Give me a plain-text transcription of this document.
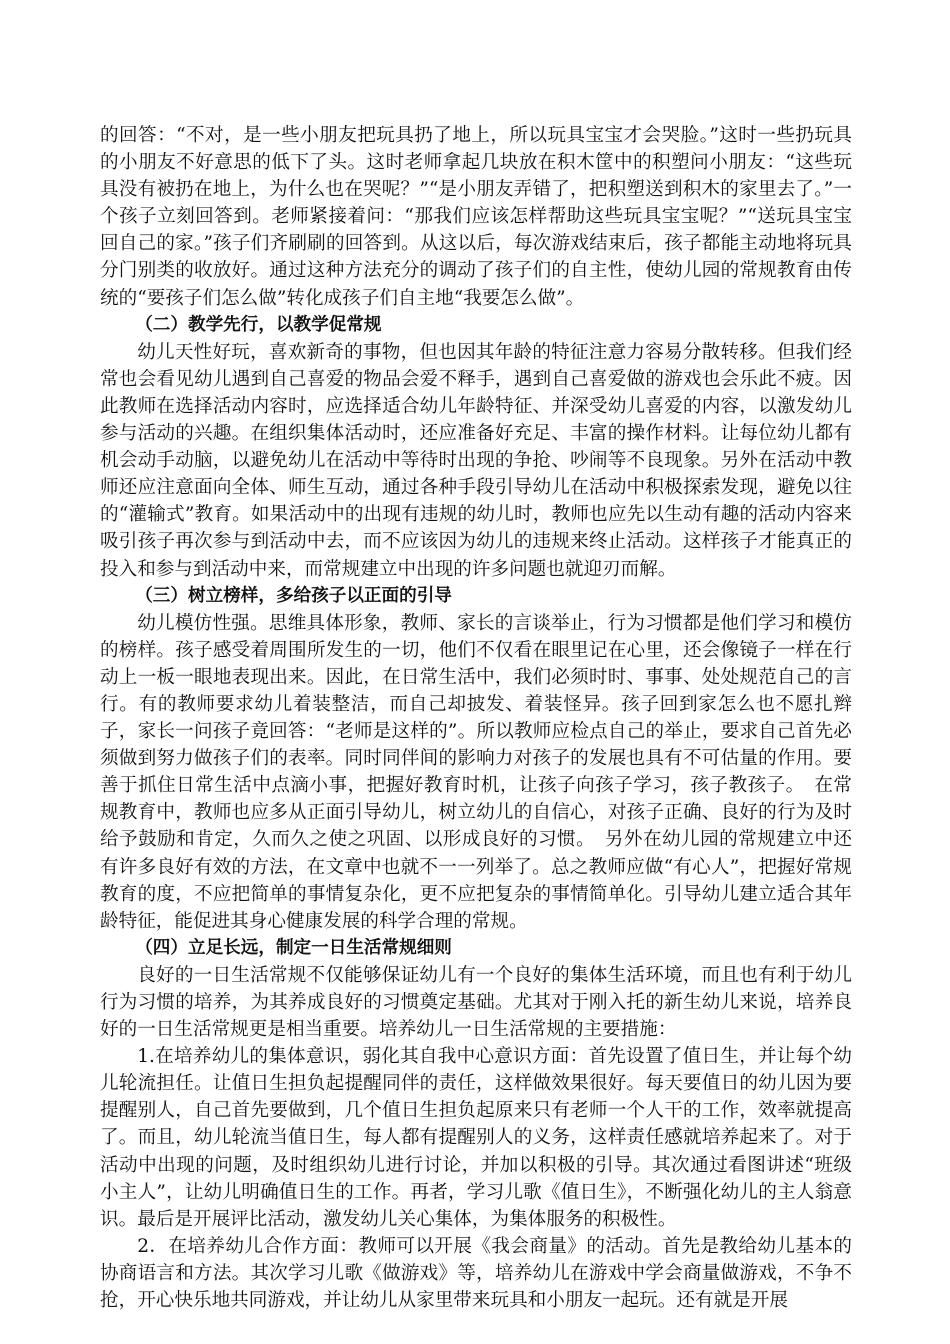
的回答：“不对，是一些小朋友把玩具扔了地上，所以玩具宝宝才会哭脸。”这时一些扔玩具的小朋友不好意思的低下了头。这时老师拿起几块放在积木筐中的积塑问小朋友：“这些玩具没有被扔在地上，为什么也在哭呢？”“是小朋友弄错了，把积塑送到积木的家里去了。”一个孩子立刻回答到。老师紧接着问：“那我们应该怎样帮助这些玩具宝宝呢？”“送玩具宝宝回自己的家。”孩子们齐刷刷的回答到。从这以后，每次游戏结束后，孩子都能主动地将玩具分门别类的收放好。通过这种方法充分的调动了孩子们的自主性，使幼儿园的常规教育由传统的“要孩子们怎么做”转化成孩子们自主地“我要怎么做”。

（二）教学先行，以教学促常规

幼儿天性好玩，喜欢新奇的事物，但也因其年龄的特征注意力容易分散转移。但我们经常也会看见幼儿遇到自己喜爱的物品会爱不释手，遇到自己喜爱做的游戏也会乐此不疲。因此教师在选择活动内容时，应选择适合幼儿年龄特征、并深受幼儿喜爱的内容，以激发幼儿参与活动的兴趣。在组织集体活动时，还应准备好充足、丰富的操作材料。让每位幼儿都有机会动手动脑，以避免幼儿在活动中等待时出现的争抢、吵闹等不良现象。另外在活动中教师还应注意面向全体、师生互动，通过各种手段引导幼儿在活动中积极探索发现，避免以往的“灌输式”教育。如果活动中的出现有违规的幼儿时，教师也应先以生动有趣的活动内容来吸引孩子再次参与到活动中去，而不应该因为幼儿的违规来终止活动。这样孩子才能真正的投入和参与到活动中来，而常规建立中出现的许多问题也就迎刃而解。

（三）树立榜样，多给孩子以正面的引导

幼儿模仿性强。思维具体形象，教师、家长的言谈举止，行为习惯都是他们学习和模仿的榜样。孩子感受着周围所发生的一切，他们不仅看在眼里记在心里，还会像镜子一样在行动上一板一眼地表现出来。因此，在日常生活中，我们必须时时、事事、处处规范自己的言行。有的教师要求幼儿着装整洁，而自己却披发、着装怪异。孩子回到家怎么也不愿扎辫子，家长一问孩子竟回答：“老师是这样的”。所以教师应检点自己的举止，要求自己首先必须做到努力做孩子们的表率。同时同伴间的影响力对孩子的发展也具有不可估量的作用。要善于抓住日常生活中点滴小事，把握好教育时机，让孩子向孩子学习，孩子教孩子。　在常规教育中，教师也应多从正面引导幼儿，树立幼儿的自信心，对孩子正确、良好的行为及时给予鼓励和肯定，久而久之使之巩固、以形成良好的习惯。　另外在幼儿园的常规建立中还有许多良好有效的方法，在文章中也就不一一列举了。总之教师应做“有心人”，把握好常规教育的度，不应把简单的事情复杂化，更不应把复杂的事情简单化。引导幼儿建立适合其年龄特征，能促进其身心健康发展的科学合理的常规。

（四）立足长远，制定一日生活常规细则

良好的一日生活常规不仅能够保证幼儿有一个良好的集体生活环境，而且也有利于幼儿行为习惯的培养，为其养成良好的习惯奠定基础。尤其对于刚入托的新生幼儿来说，培养良好的一日生活常规更是相当重要。培养幼儿一日生活常规的主要措施：

1.在培养幼儿的集体意识，弱化其自我中心意识方面：首先设置了值日生，并让每个幼儿轮流担任。让值日生担负起提醒同伴的责任，这样做效果很好。每天要值日的幼儿因为要提醒别人，自己首先要做到，几个值日生担负起原来只有老师一个人干的工作，效率就提高了。而且，幼儿轮流当值日生，每人都有提醒别人的义务，这样责任感就培养起来了。对于活动中出现的问题，及时组织幼儿进行讨论，并加以积极的引导。其次通过看图讲述“班级小主人”，让幼儿明确值日生的工作。再者，学习儿歌《值日生》，不断强化幼儿的主人翁意识。最后是开展评比活动，激发幼儿关心集体，为集体服务的积极性。

2．在培养幼儿合作方面：教师可以开展《我会商量》的活动。首先是教给幼儿基本的协商语言和方法。其次学习儿歌《做游戏》等，培养幼儿在游戏中学会商量做游戏，不争不抢，开心快乐地共同游戏，并让幼儿从家里带来玩具和小朋友一起玩。还有就是开展
